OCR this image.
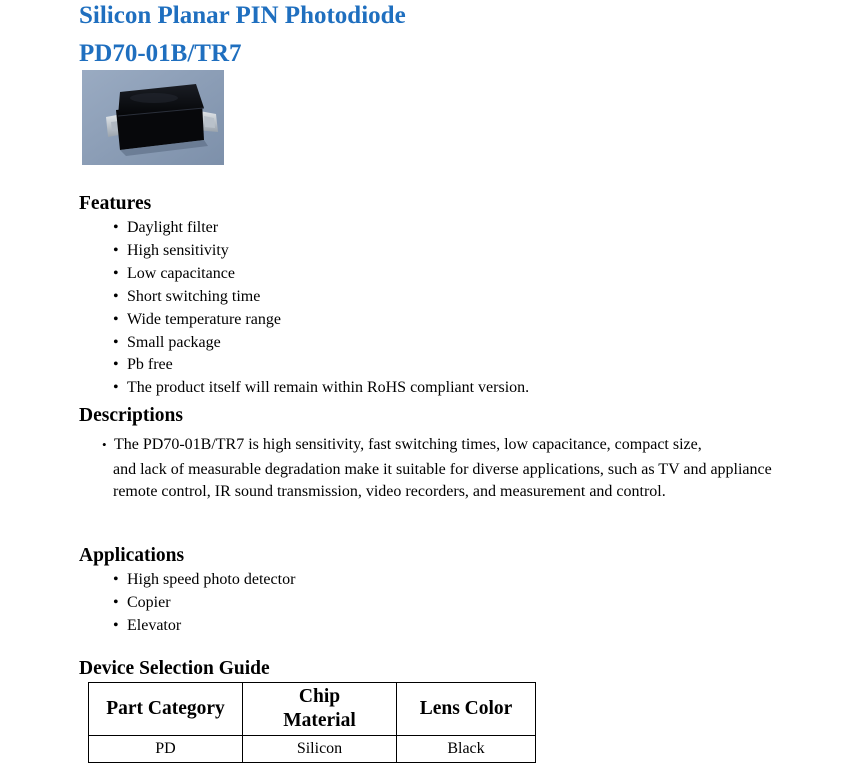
Silicon Planar PIN Photodiode
PD70-01B/TR7
Features
• Daylight filter
• High sensitivity
• Low capacitance
• Short switching time
• Wide temperature range
• Small package
• Pb free
• The product itself will remain within RoHS compliant version.
Descriptions
• The PD70-01B/TR7 is high sensitivity, fast switching times, low capacitance, compact size,
and lack of measurable degradation make it suitable for diverse applications, such as TV and appliance remote control, IR sound transmission, video recorders, and measurement and control.
Applications
• High speed photo detector
• Copier
• Elevator
Device Selection Guide
Part Category	Chip Material	Lens Color
PD	Silicon	Black
